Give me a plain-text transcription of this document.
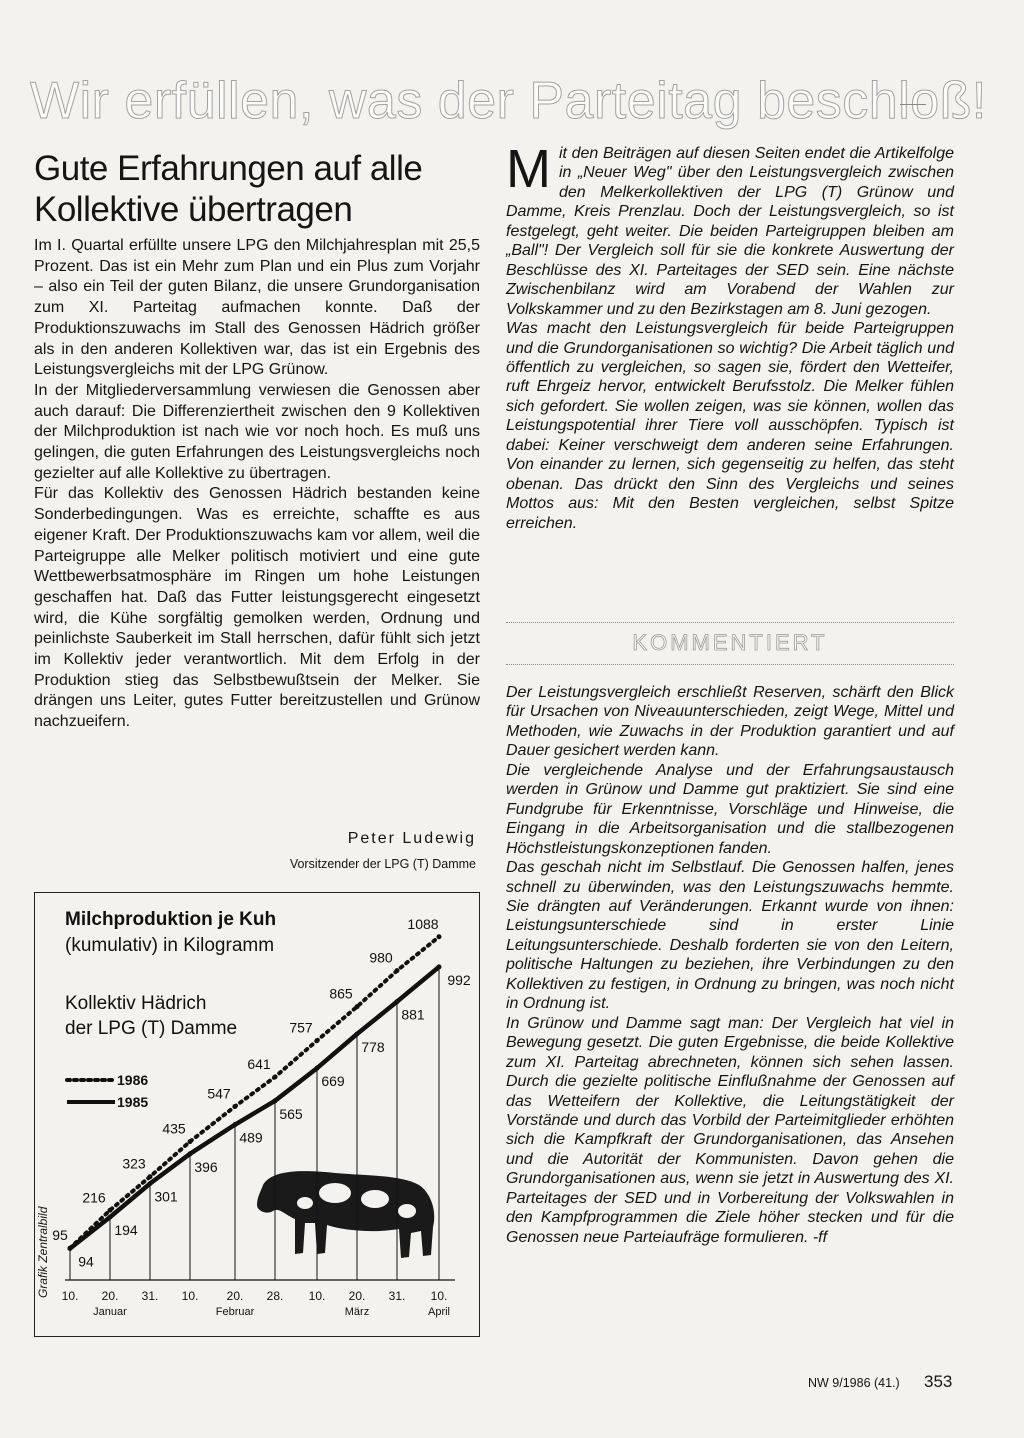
Wir erfüllen, was der Parteitag beschloß!
Gute Erfahrungen auf alle Kollektive übertragen

Im I. Quartal erfüllte unsere LPG den Milchjahresplan mit 25,5 Prozent. Das ist ein Mehr zum Plan und ein Plus zum Vorjahr – also ein Teil der guten Bilanz, die unsere Grundorganisation zum XI. Parteitag aufmachen konnte. Daß der Produktionszuwachs im Stall des Genossen Hädrich größer als in den anderen Kollektiven war, das ist ein Ergebnis des Leistungsvergleichs mit der LPG Grünow.

In der Mitgliederversammlung verwiesen die Genossen aber auch darauf: Die Differenziertheit zwischen den 9 Kollektiven der Milchproduktion ist nach wie vor noch hoch. Es muß uns gelingen, die guten Erfahrungen des Leistungsvergleichs noch gezielter auf alle Kollektive zu übertragen.

Für das Kollektiv des Genossen Hädrich bestanden keine Sonderbedingungen. Was es erreichte, schaffte es aus eigener Kraft. Der Produktionszuwachs kam vor allem, weil die Parteigruppe alle Melker politisch motiviert und eine gute Wettbewerbsatmosphäre im Ringen um hohe Leistungen geschaffen hat. Daß das Futter leistungsgerecht eingesetzt wird, die Kühe sorgfältig gemolken werden, Ordnung und peinlichste Sauberkeit im Stall herrschen, dafür fühlt sich jetzt im Kollektiv jeder verantwortlich. Mit dem Erfolg in der Produktion stieg das Selbstbewußtsein der Melker. Sie drängen uns Leiter, gutes Futter bereitzustellen und Grünow nachzueifern.

Peter Ludewig
Vorsitzender der LPG (T) Damme
M it den Beiträgen auf diesen Seiten endet die Artikelfolge in „Neuer Weg" über den Leistungsvergleich zwischen den Melkerkollektiven der LPG (T) Grünow und Damme, Kreis Prenzlau. Doch der Leistungsvergleich, so ist festgelegt, geht weiter. Die beiden Parteigruppen bleiben am „Ball"! Der Vergleich soll für sie die konkrete Auswertung der Beschlüsse des XI. Parteitages der SED sein. Eine nächste Zwischenbilanz wird am Vorabend der Wahlen zur Volkskammer und zu den Bezirkstagen am 8. Juni gezogen.

Was macht den Leistungsvergleich für beide Parteigruppen und die Grundorganisationen so wichtig? Die Arbeit täglich und öffentlich zu vergleichen, so sagen sie, fördert den Wetteifer, ruft Ehrgeiz hervor, entwickelt Berufsstolz. Die Melker fühlen sich gefordert. Sie wollen zeigen, was sie können, wollen das Leistungspotential ihrer Tiere voll ausschöpfen. Typisch ist dabei: Keiner verschweigt dem anderen seine Erfahrungen. Von einander zu lernen, sich gegenseitig zu helfen, das steht obenan. Das drückt den Sinn des Vergleichs und seines Mottos aus: Mit den Besten vergleichen, selbst Spitze erreichen.

KOMMENTIERT

Der Leistungsvergleich erschließt Reserven, schärft den Blick für Ursachen von Niveauunterschieden, zeigt Wege, Mittel und Methoden, wie Zuwachs in der Produktion garantiert und auf Dauer gesichert werden kann.

Die vergleichende Analyse und der Erfahrungsaustausch werden in Grünow und Damme gut praktiziert. Sie sind eine Fundgrube für Erkenntnisse, Vorschläge und Hinweise, die Eingang in die Arbeitsorganisation und die stallbezogenen Höchstleistungskonzeptionen fanden.

Das geschah nicht im Selbstlauf. Die Genossen halfen, jenes schnell zu überwinden, was den Leistungszuwachs hemmte. Sie drängten auf Veränderungen. Erkannt wurde von ihnen: Leistungsunterschiede sind in erster Linie Leitungsunterschiede. Deshalb forderten sie von den Leitern, politische Haltungen zu beziehen, ihre Verbindungen zu den Kollektiven zu festigen, in Ordnung zu bringen, was noch nicht in Ordnung ist.

In Grünow und Damme sagt man: Der Vergleich hat viel in Bewegung gesetzt. Die guten Ergebnisse, die beide Kollektive zum XI. Parteitag abrechneten, können sich sehen lassen. Durch die gezielte politische Einflußnahme der Genossen auf das Wetteifern der Kollektive, die Leitungstätigkeit der Vorstände und durch das Vorbild der Parteimitglieder erhöhten sich die Kampfkraft der Grundorganisationen, das Ansehen und die Autorität der Kommunisten. Davon gehen die Grundorganisationen aus, wenn sie jetzt in Auswertung des XI. Parteitages der SED und in Vorbereitung der Volkswahlen in den Kampfprogrammen die Ziele höher stecken und für die Genossen neue Parteiaufräge formulieren. -ff

Milchproduktion je Kuh
(kumulativ) in Kilogramm
Kollektiv Hädrich
der LPG (T) Damme
1986
1985
95
216
323
435
547
641
757
865
980
1088
94
194
301
396
489
565
669
778
881
992
10. 20. 31. 10. 20. 28. 10. 20. 31. 10.
Januar	Februar	März	April
Grafik Zentralbild
NW 9/1986 (41.) 353
